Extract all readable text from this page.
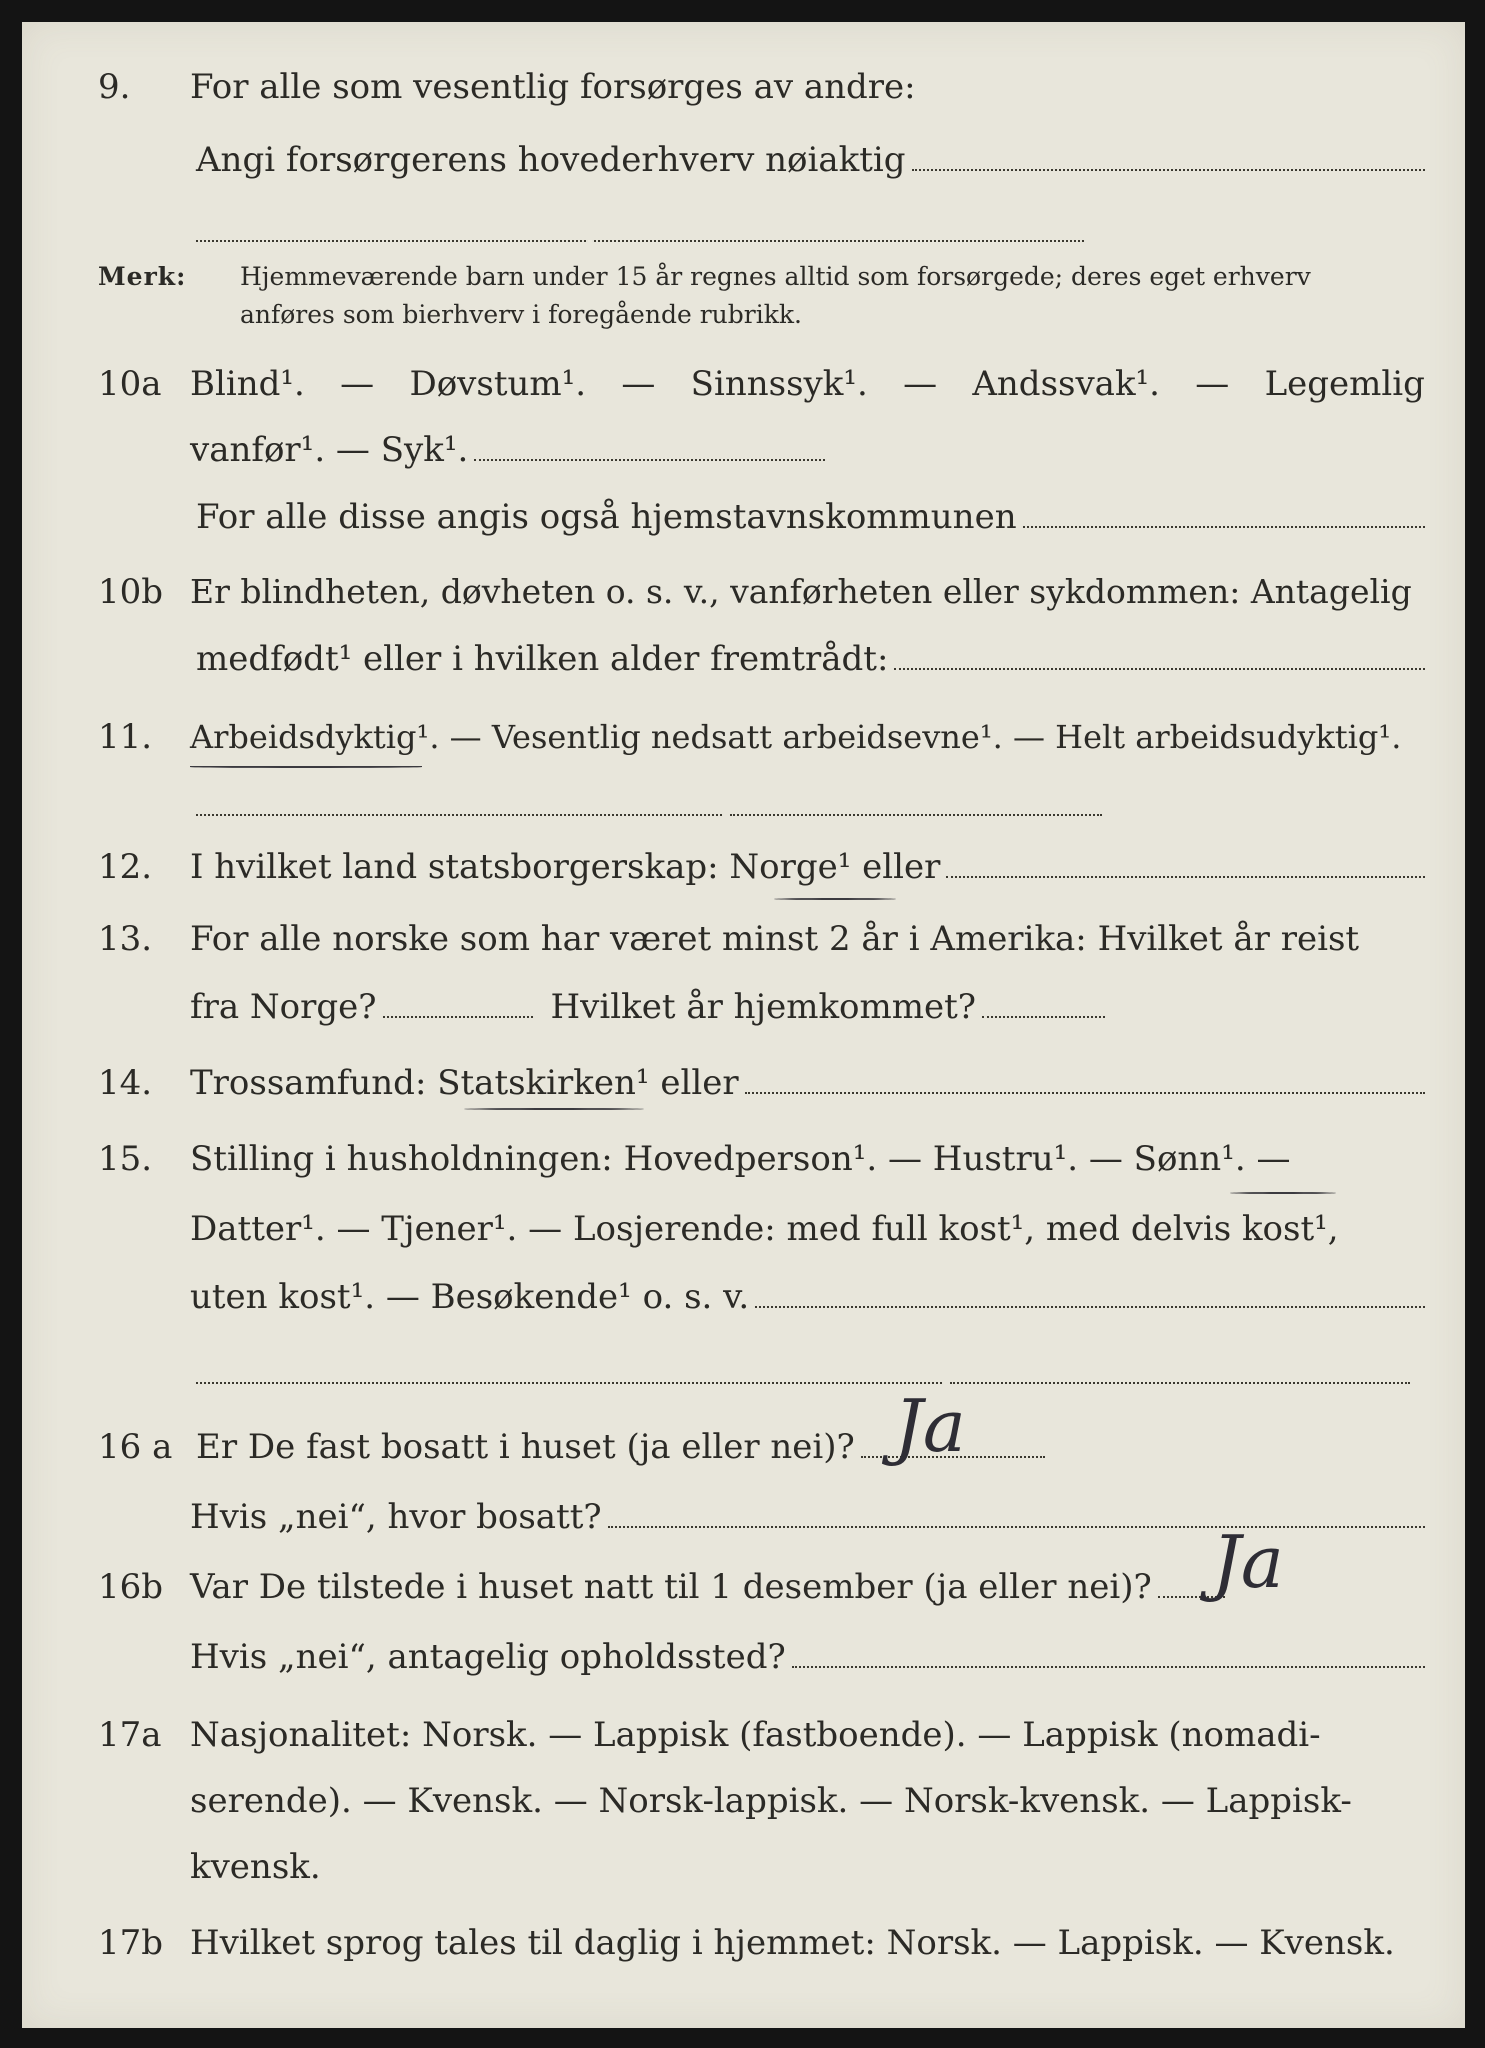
9. For alle som vesentlig forsørges av andre:
Angi forsørgerens hovederhverv nøiaktig
Merk: Hjemmeværende barn under 15 år regnes alltid som forsørgede; deres eget erhverv
anføres som bierhverv i foregående rubrikk.
10a Blind¹. — Døvstum¹. — Sinnssyk¹. — Andssvak¹. — Legemlig
vanfør¹. — Syk¹.
For alle disse angis også hjemstavnskommunen
10b Er blindheten, døvheten o. s. v., vanførheten eller sykdommen: Antagelig
medfødt¹ eller i hvilken alder fremtrådt:
11. Arbeidsdyktig¹. — Vesentlig nedsatt arbeidsevne¹. — Helt arbeidsudyktig¹.
12. I hvilket land statsborgerskap: Norge¹ eller
13. For alle norske som har været minst 2 år i Amerika: Hvilket år reist
fra Norge?	Hvilket år hjemkommet?
14. Trossamfund: Statskirken¹ eller
15. Stilling i husholdningen: Hovedperson¹. — Hustru¹. — Sønn¹. —
Datter¹. — Tjener¹. — Losjerende: med full kost¹, med delvis kost¹,
uten kost¹. — Besøkende¹ o. s. v.
16 a Er De fast bosatt i huset (ja eller nei)? Ja
Hvis „nei“, hvor bosatt?
16b Var De tilstede i huset natt til 1 desember (ja eller nei)? Ja
Hvis „nei“, antagelig opholdssted?
17a Nasjonalitet: Norsk. — Lappisk (fastboende). — Lappisk (nomadi-
serende). — Kvensk. — Norsk-lappisk. — Norsk-kvensk. — Lappisk-
kvensk.
17b Hvilket sprog tales til daglig i hjemmet: Norsk. — Lappisk. — Kvensk.
